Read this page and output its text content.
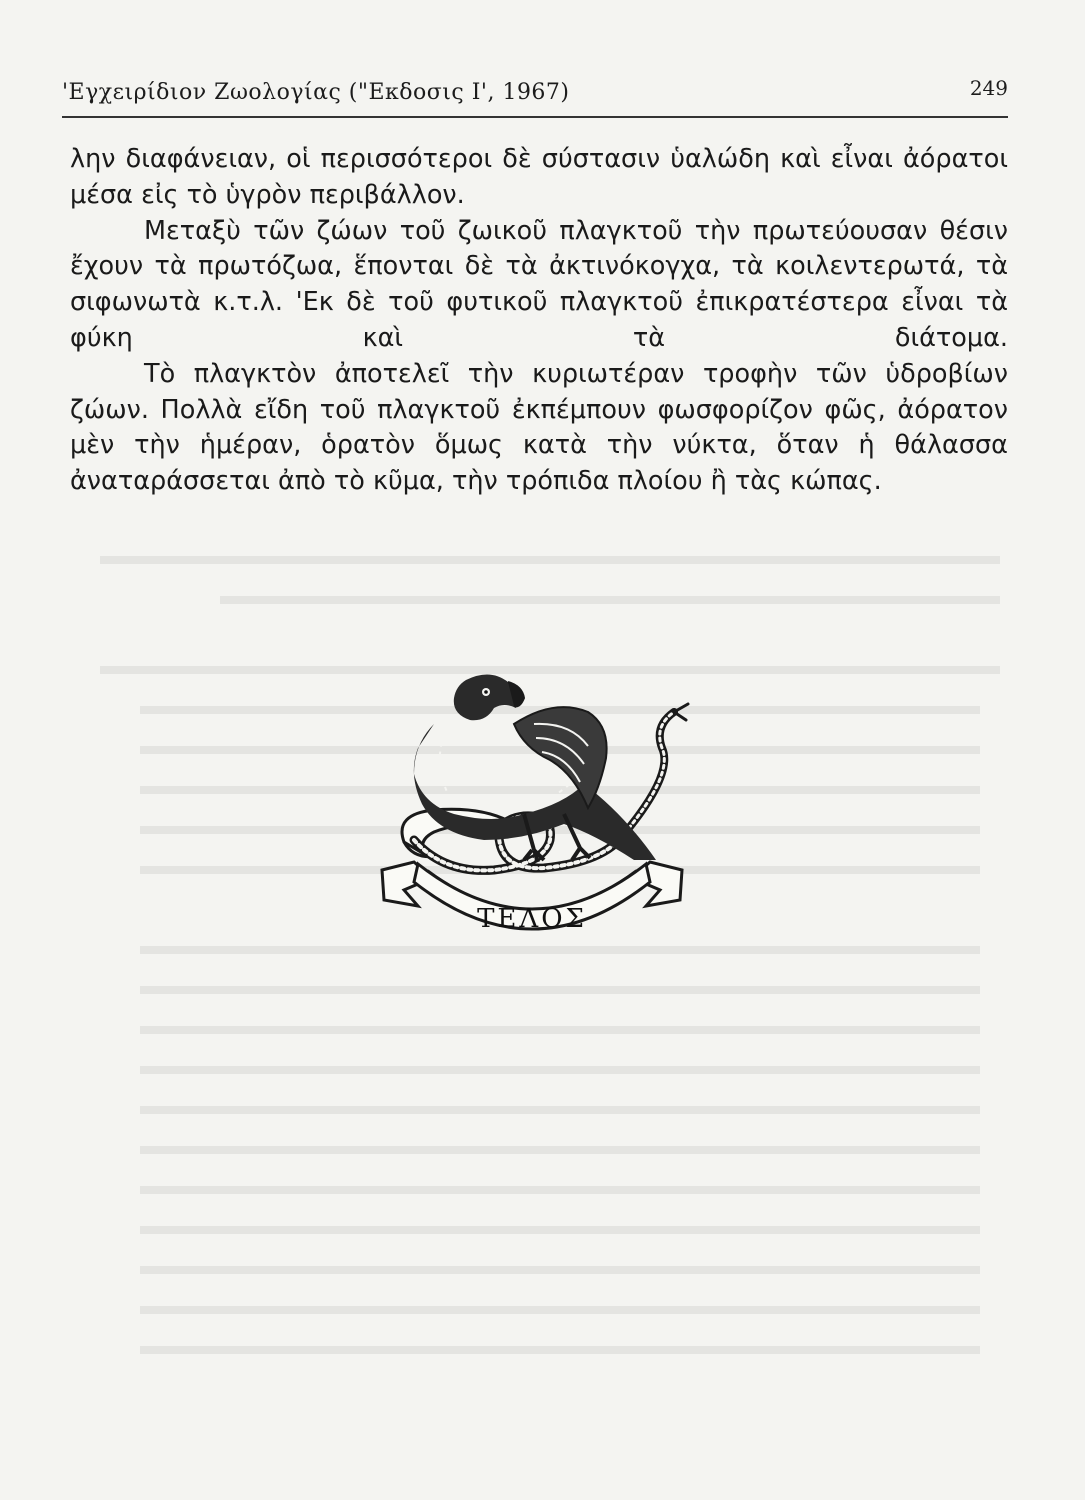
'Εγχειρίδιον Ζωολογίας ("Εκδοσις Ι', 1967)	249

λην διαφάνειαν, οἱ περισσότεροι δὲ σύστασιν ὑαλώδη καὶ εἶναι ἀόρατοι μέσα εἰς τὸ ὑγρὸν περιβάλλον.

Μεταξὺ τῶν ζώων τοῦ ζωικοῦ πλαγκτοῦ τὴν πρωτεύουσαν θέσιν ἔχουν τὰ πρωτόζωα, ἕπονται δὲ τὰ ἀκτινόκογχα, τὰ κοιλεντερωτά, τὰ σιφωνωτὰ κ.τ.λ. 'Εκ δὲ τοῦ φυτικοῦ πλαγκτοῦ ἐπικρατέστερα εἶναι τὰ φύκη καὶ τὰ διάτομα.

Τὸ πλαγκτὸν ἀποτελεῖ τὴν κυριωτέραν τροφὴν τῶν ὑδροβίων ζώων. Πολλὰ εἴδη τοῦ πλαγκτοῦ ἐκπέμπουν φωσφορίζον φῶς, ἀόρατον μὲν τὴν ἡμέραν, ὁρατὸν ὅμως κατὰ τὴν νύκτα, ὅταν ἡ θάλασσα ἀναταράσσεται ἀπὸ τὸ κῦμα, τὴν τρόπιδα πλοίου ἢ τὰς κώπας.

ΤΕΛΟΣ
